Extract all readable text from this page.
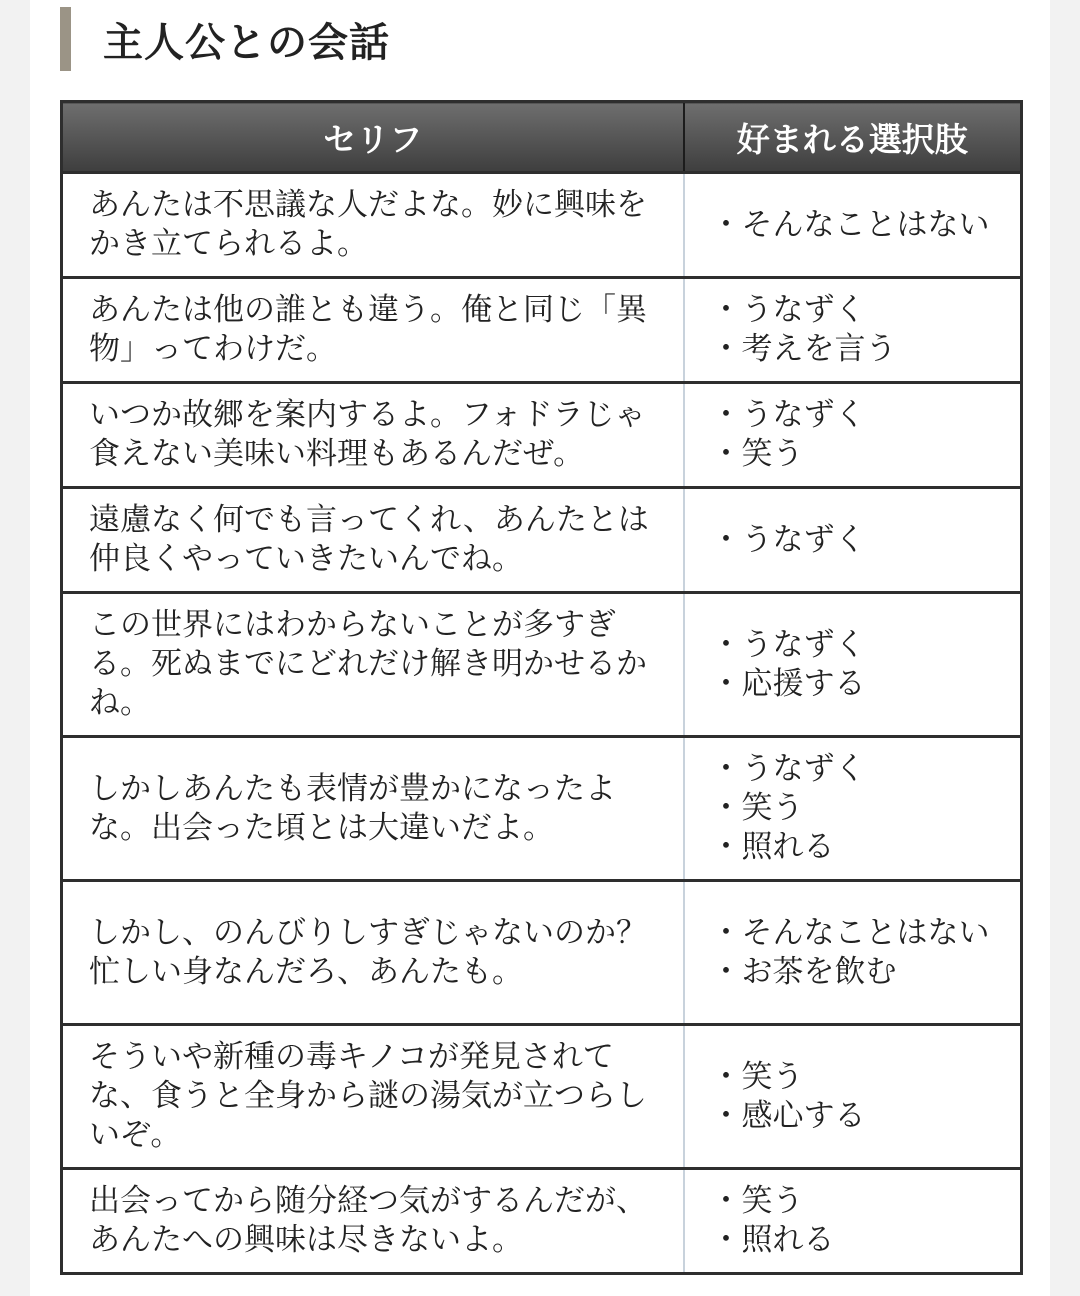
主人公との会話
セリフ	好まれる選択肢
あんたは不思議な人だよな。妙に興味をかき立てられるよ。	・そんなことはない

あんたは他の誰とも違う。俺と同じ「異物」ってわけだ。	・うなずく
・考えを言う

いつか故郷を案内するよ。フォドラじゃ食えない美味い料理もあるんだぜ。	・うなずく
・笑う

遠慮なく何でも言ってくれ、あんたとは仲良くやっていきたいんでね。	・うなずく

この世界にはわからないことが多すぎる。死ぬまでにどれだけ解き明かせるかね。	・うなずく
・応援する

しかしあんたも表情が豊かになったよな。出会った頃とは大違いだよ。	・うなずく
・笑う
・照れる

しかし、のんびりしすぎじゃないのか？忙しい身なんだろ、あんたも。	・そんなことはない
・お茶を飲む

そういや新種の毒キノコが発見されてな、食うと全身から謎の湯気が立つらしいぞ。	・笑う
・感心する

出会ってから随分経つ気がするんだが、あんたへの興味は尽きないよ。	・笑う
・照れる
